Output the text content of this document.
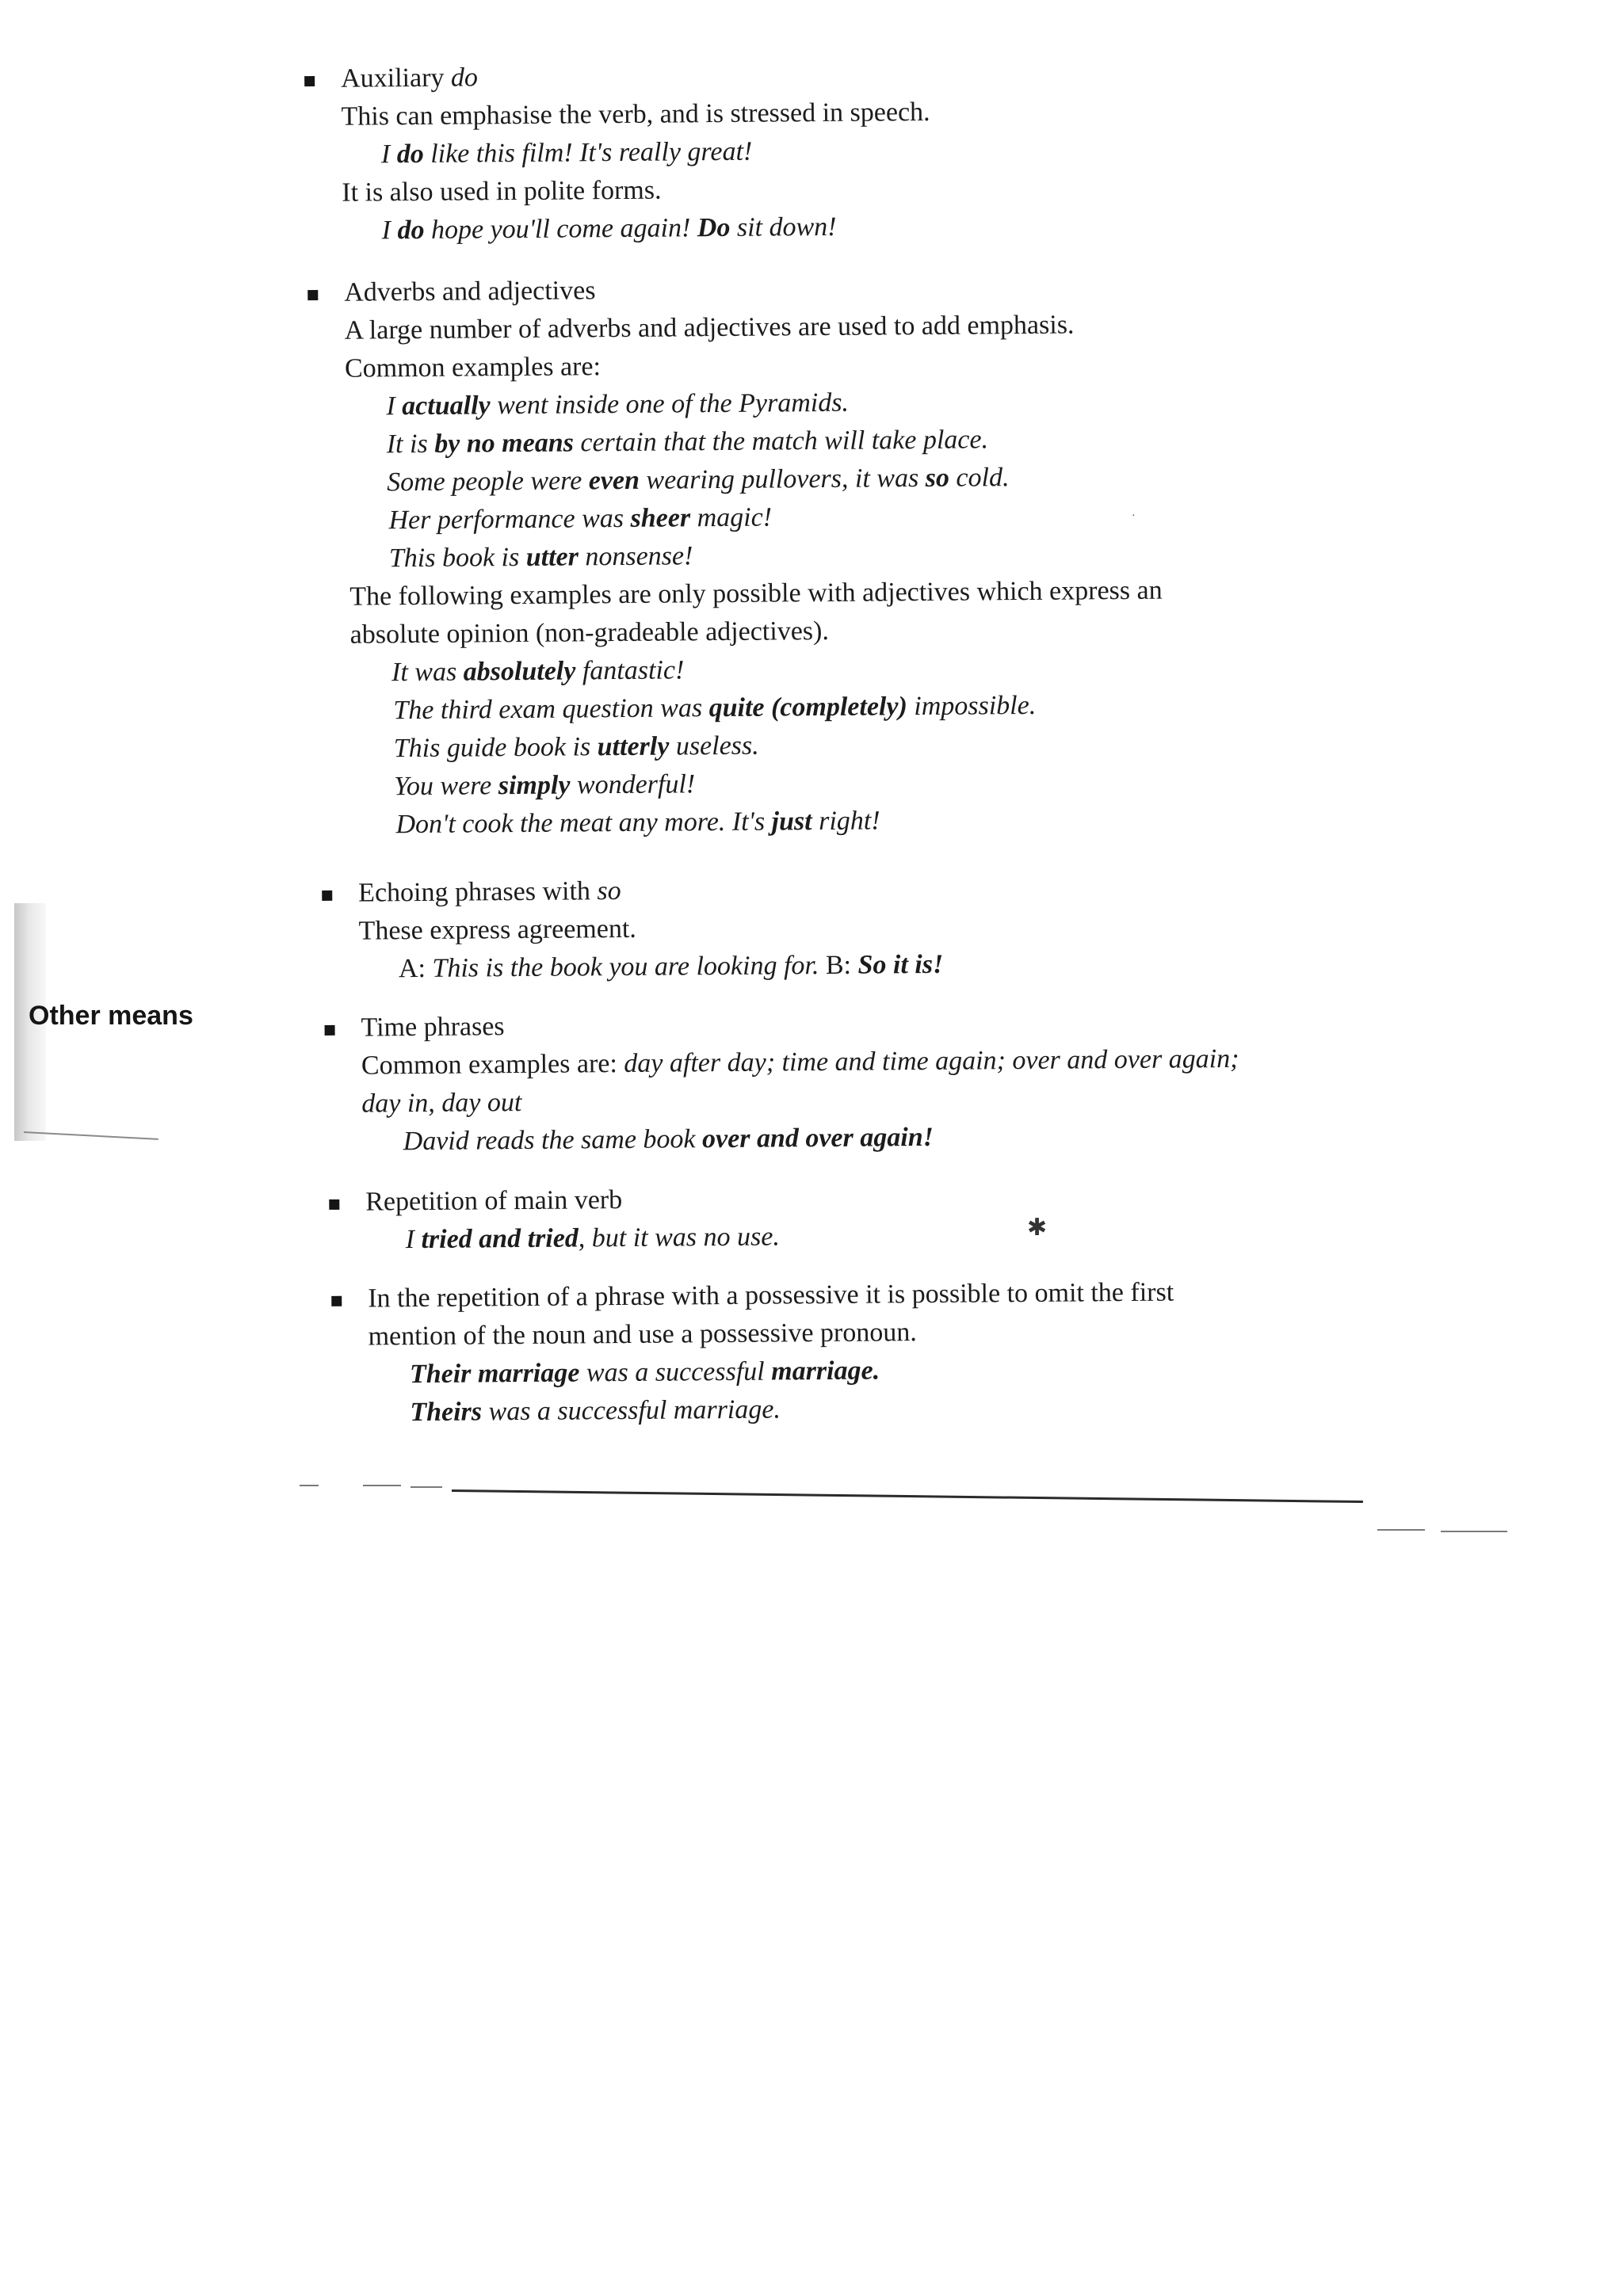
Other means
Auxiliary do
This can emphasise the verb, and is stressed in speech.
I do like this film! It's really great!
It is also used in polite forms.
I do hope you'll come again! Do sit down!
Adverbs and adjectives
A large number of adverbs and adjectives are used to add emphasis.
Common examples are:
I actually went inside one of the Pyramids.
It is by no means certain that the match will take place.
Some people were even wearing pullovers, it was so cold.
Her performance was sheer magic!
This book is utter nonsense!
The following examples are only possible with adjectives which express an
absolute opinion (non-gradeable adjectives).
It was absolutely fantastic!
The third exam question was quite (completely) impossible.
This guide book is utterly useless.
You were simply wonderful!
Don't cook the meat any more. It's just right!
Echoing phrases with so
These express agreement.
A: This is the book you are looking for. B: So it is!
Time phrases
Common examples are: day after day; time and time again; over and over again;
day in, day out
David reads the same book over and over again!
Repetition of main verb
I tried and tried, but it was no use.
In the repetition of a phrase with a possessive it is possible to omit the first
mention of the noun and use a possessive pronoun.
Their marriage was a successful marriage.
Theirs was a successful marriage.
✱
·
